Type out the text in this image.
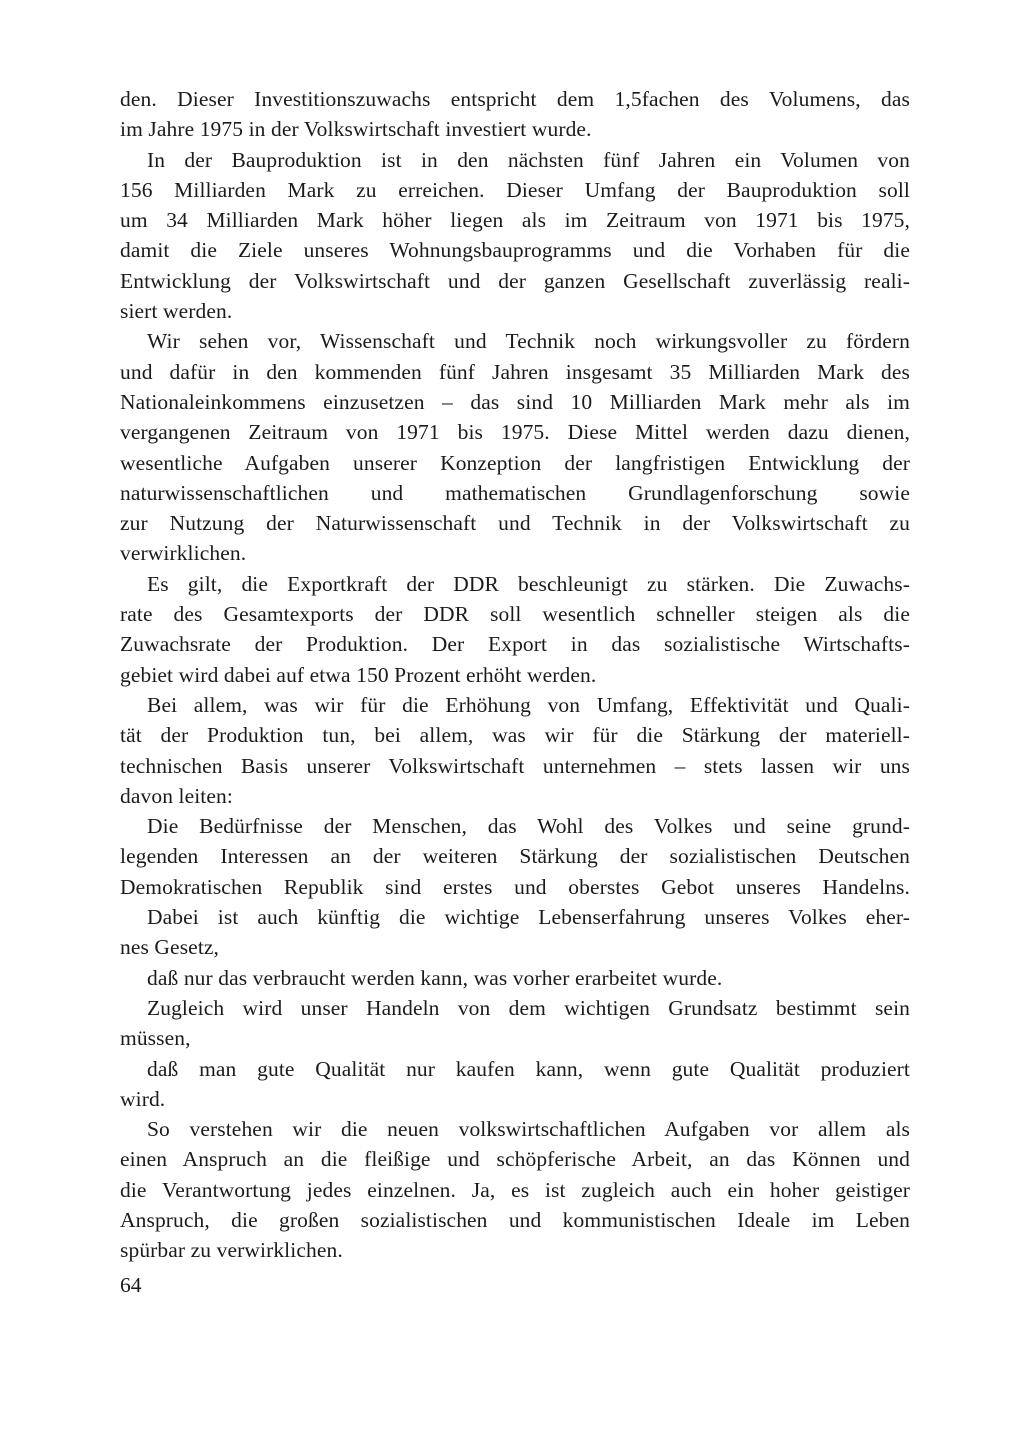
den. Dieser Investitionszuwachs entspricht dem 1,5fachen des Volumens, das
im Jahre 1975 in der Volkswirtschaft investiert wurde.
In der Bauproduktion ist in den nächsten fünf Jahren ein Volumen von
156 Milliarden Mark zu erreichen. Dieser Umfang der Bauproduktion soll
um 34 Milliarden Mark höher liegen als im Zeitraum von 1971 bis 1975,
damit die Ziele unseres Wohnungsbauprogramms und die Vorhaben für die
Entwicklung der Volkswirtschaft und der ganzen Gesellschaft zuverlässig reali-
siert werden.
Wir sehen vor, Wissenschaft und Technik noch wirkungsvoller zu fördern
und dafür in den kommenden fünf Jahren insgesamt 35 Milliarden Mark des
Nationaleinkommens einzusetzen – das sind 10 Milliarden Mark mehr als im
vergangenen Zeitraum von 1971 bis 1975. Diese Mittel werden dazu dienen,
wesentliche Aufgaben unserer Konzeption der langfristigen Entwicklung der
naturwissenschaftlichen und mathematischen Grundlagenforschung sowie
zur Nutzung der Naturwissenschaft und Technik in der Volkswirtschaft zu
verwirklichen.
Es gilt, die Exportkraft der DDR beschleunigt zu stärken. Die Zuwachs-
rate des Gesamtexports der DDR soll wesentlich schneller steigen als die
Zuwachsrate der Produktion. Der Export in das sozialistische Wirtschafts-
gebiet wird dabei auf etwa 150 Prozent erhöht werden.
Bei allem, was wir für die Erhöhung von Umfang, Effektivität und Quali-
tät der Produktion tun, bei allem, was wir für die Stärkung der materiell-
technischen Basis unserer Volkswirtschaft unternehmen – stets lassen wir uns
davon leiten:
Die Bedürfnisse der Menschen, das Wohl des Volkes und seine grund-
legenden Interessen an der weiteren Stärkung der sozialistischen Deutschen
Demokratischen Republik sind erstes und oberstes Gebot unseres Handelns.
Dabei ist auch künftig die wichtige Lebenserfahrung unseres Volkes eher-
nes Gesetz,
daß nur das verbraucht werden kann, was vorher erarbeitet wurde.
Zugleich wird unser Handeln von dem wichtigen Grundsatz bestimmt sein
müssen,
daß man gute Qualität nur kaufen kann, wenn gute Qualität produziert
wird.
So verstehen wir die neuen volkswirtschaftlichen Aufgaben vor allem als
einen Anspruch an die fleißige und schöpferische Arbeit, an das Können und
die Verantwortung jedes einzelnen. Ja, es ist zugleich auch ein hoher geistiger
Anspruch, die großen sozialistischen und kommunistischen Ideale im Leben
spürbar zu verwirklichen.
64
